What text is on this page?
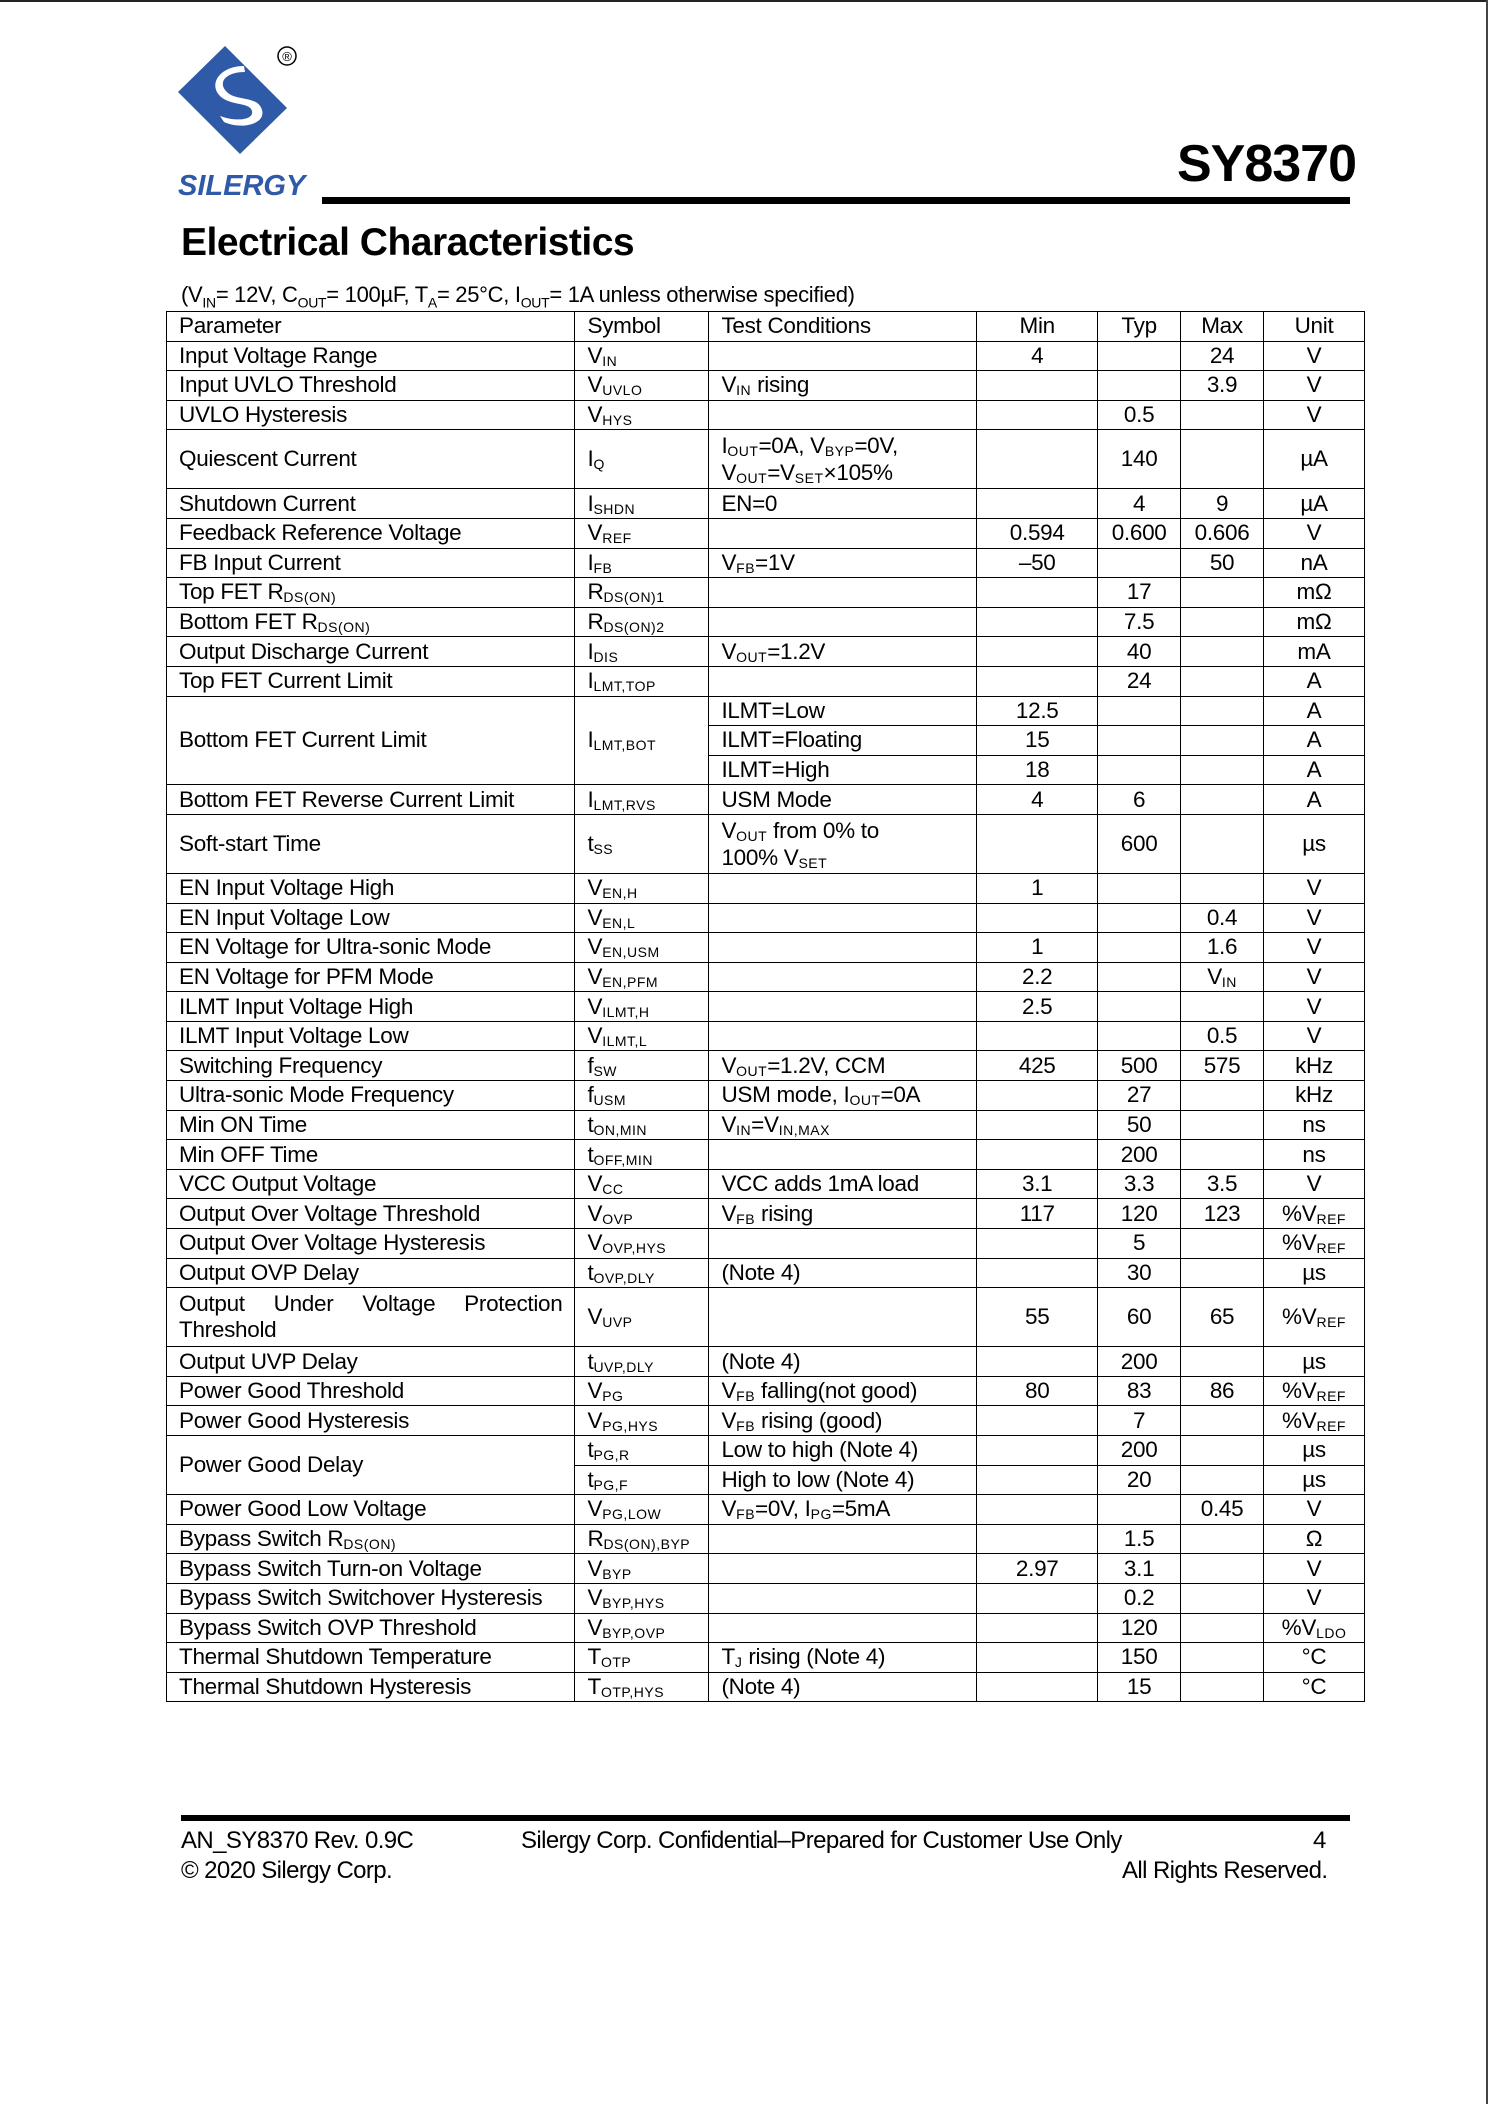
®
SILERGY	SY8370
Electrical Characteristics
($V_{IN}= 12V$, $C_{OUT}= 100\mu F$, $T_A= 25^\circ C$, $I_{OUT}= 1A$ unless otherwise specified)
Parameter	Symbol	Test Conditions	Min	Typ	Max	Unit
Input Voltage Range	$V_{IN}$		4		24	V
Input UVLO Threshold	$V_{UVLO}$	$V_{IN}$ rising			3.9	V
UVLO Hysteresis	$V_{HYS}$			0.5		V
Quiescent Current	$I_Q$	$I_{OUT}=0A$, $V_{BYP}=0V$,
$V_{OUT}=V_{SET}\times 105\%$		140		µA
Shutdown Current	$I_{SHDN}$	EN=0		4	9	µA
Feedback Reference Voltage	$V_{REF}$		0.594	0.600	0.606	V
FB Input Current	$I_{FB}$	$V_{FB}=1V$	–50		50	nA
Top FET $R_{DS(ON)}$	$R_{DS(ON)1}$			17		mΩ
Bottom FET $R_{DS(ON)}$	$R_{DS(ON)2}$			7.5		mΩ
Output Discharge Current	$I_{DIS}$	$V_{OUT}=1.2V$		40		mA
Top FET Current Limit	$I_{LMT,TOP}$			24		A
Bottom FET Current Limit	$I_{LMT,BOT}$	ILMT=Low	12.5			A
		ILMT=Floating	15			A
		ILMT=High	18			A
Bottom FET Reverse Current Limit	$I_{LMT,RVS}$	USM Mode	4	6		A
Soft-start Time	$t_{SS}$	$V_{OUT}$ from 0% to
100% $V_{SET}$		600		µs
EN Input Voltage High	$V_{EN,H}$		1			V
EN Input Voltage Low	$V_{EN,L}$				0.4	V
EN Voltage for Ultra-sonic Mode	$V_{EN,USM}$		1		1.6	V
EN Voltage for PFM Mode	$V_{EN,PFM}$		2.2		$V_{IN}$	V
ILMT Input Voltage High	$V_{ILMT,H}$		2.5			V
ILMT Input Voltage Low	$V_{ILMT,L}$				0.5	V
Switching Frequency	$f_{SW}$	$V_{OUT}=1.2V$, CCM	425	500	575	kHz
Ultra-sonic Mode Frequency	$f_{USM}$	USM mode, $I_{OUT}=0A$		27		kHz
Min ON Time	$t_{ON,MIN}$	$V_{IN}=V_{IN,MAX}$		50		ns
Min OFF Time	$t_{OFF,MIN}$			200		ns
VCC Output Voltage	$V_{CC}$	VCC adds 1mA load	3.1	3.3	3.5	V
Output Over Voltage Threshold	$V_{OVP}$	$V_{FB}$ rising	117	120	123	$\%V_{REF}$
Output Over Voltage Hysteresis	$V_{OVP,HYS}$			5		$\%V_{REF}$
Output OVP Delay	$t_{OVP,DLY}$	(Note 4)		30		µs
Output Under Voltage Protection Threshold	$V_{UVP}$		55	60	65	$\%V_{REF}$
Output UVP Delay	$t_{UVP,DLY}$	(Note 4)		200		µs
Power Good Threshold	$V_{PG}$	$V_{FB}$ falling(not good)	80	83	86	$\%V_{REF}$
Power Good Hysteresis	$V_{PG,HYS}$	$V_{FB}$ rising (good)		7		$\%V_{REF}$
Power Good Delay	$t_{PG,R}$	Low to high (Note 4)		200		µs
	$t_{PG,F}$	High to low (Note 4)		20		µs
Power Good Low Voltage	$V_{PG,LOW}$	$V_{FB}=0V$, $I_{PG}=5mA$			0.45	V
Bypass Switch $R_{DS(ON)}$	$R_{DS(ON),BYP}$			1.5		Ω
Bypass Switch Turn-on Voltage	$V_{BYP}$		2.97	3.1		V
Bypass Switch Switchover Hysteresis	$V_{BYP,HYS}$			0.2		V
Bypass Switch OVP Threshold	$V_{BYP,OVP}$			120		$\%V_{LDO}$
Thermal Shutdown Temperature	$T_{OTP}$	$T_J$ rising (Note 4)		150		°C
Thermal Shutdown Hysteresis	$T_{OTP,HYS}$	(Note 4)		15		°C
AN_SY8370 Rev. 0.9C	Silergy Corp. Confidential–Prepared for Customer Use Only	4
© 2020 Silergy Corp.	All Rights Reserved.
